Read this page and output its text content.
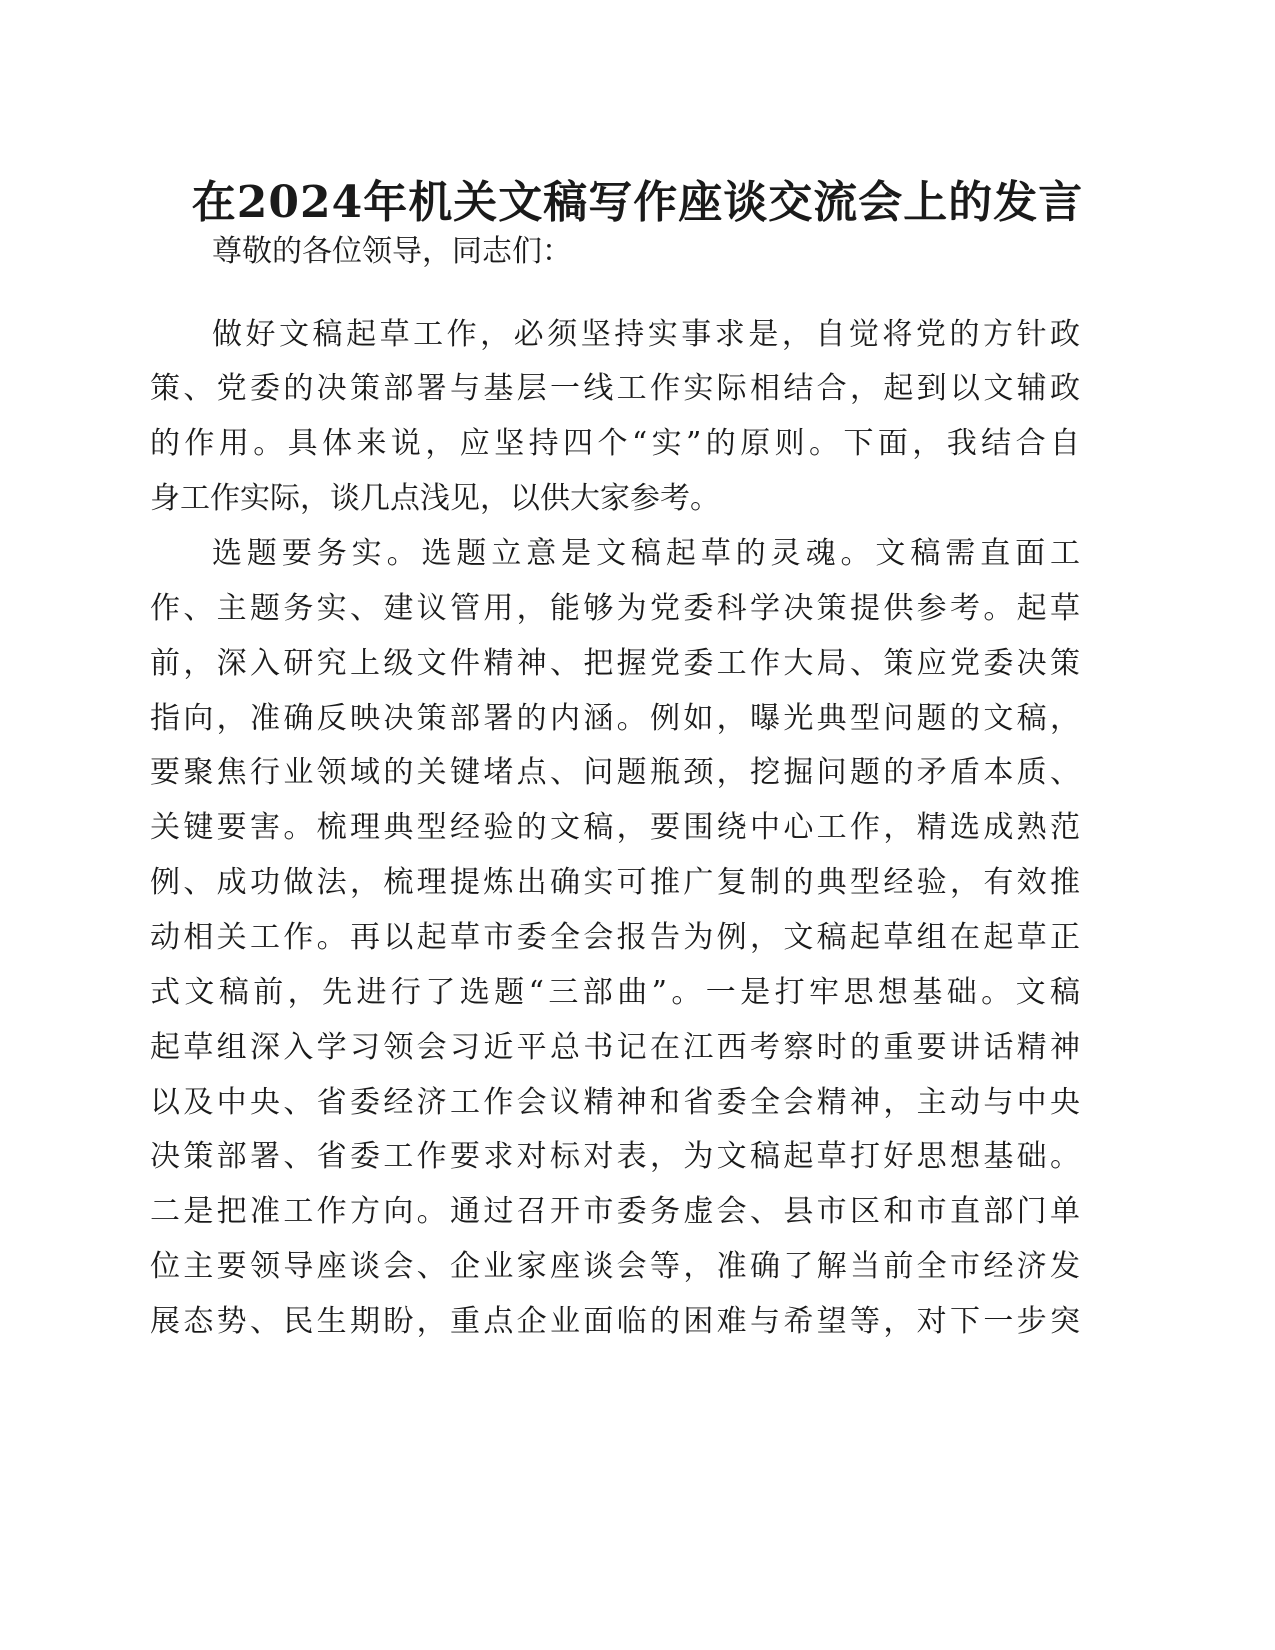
在2024年机关文稿写作座谈交流会上的发言
尊敬的各位领导，同志们：
做好文稿起草工作，必须坚持实事求是，自觉将党的方针政
策、党委的决策部署与基层一线工作实际相结合，起到以文辅政
的作用。具体来说，应坚持四个“实”的原则。下面，我结合自
身工作实际，谈几点浅见，以供大家参考。
选题要务实。选题立意是文稿起草的灵魂。文稿需直面工
作、主题务实、建议管用，能够为党委科学决策提供参考。起草
前，深入研究上级文件精神、把握党委工作大局、策应党委决策
指向，准确反映决策部署的内涵。例如，曝光典型问题的文稿，
要聚焦行业领域的关键堵点、问题瓶颈，挖掘问题的矛盾本质、
关键要害。梳理典型经验的文稿，要围绕中心工作，精选成熟范
例、成功做法，梳理提炼出确实可推广复制的典型经验，有效推
动相关工作。再以起草市委全会报告为例，文稿起草组在起草正
式文稿前，先进行了选题“三部曲”。一是打牢思想基础。文稿
起草组深入学习领会习近平总书记在江西考察时的重要讲话精神
以及中央、省委经济工作会议精神和省委全会精神，主动与中央
决策部署、省委工作要求对标对表，为文稿起草打好思想基础。
二是把准工作方向。通过召开市委务虚会、县市区和市直部门单
位主要领导座谈会、企业家座谈会等，准确了解当前全市经济发
展态势、民生期盼，重点企业面临的困难与希望等，对下一步突
